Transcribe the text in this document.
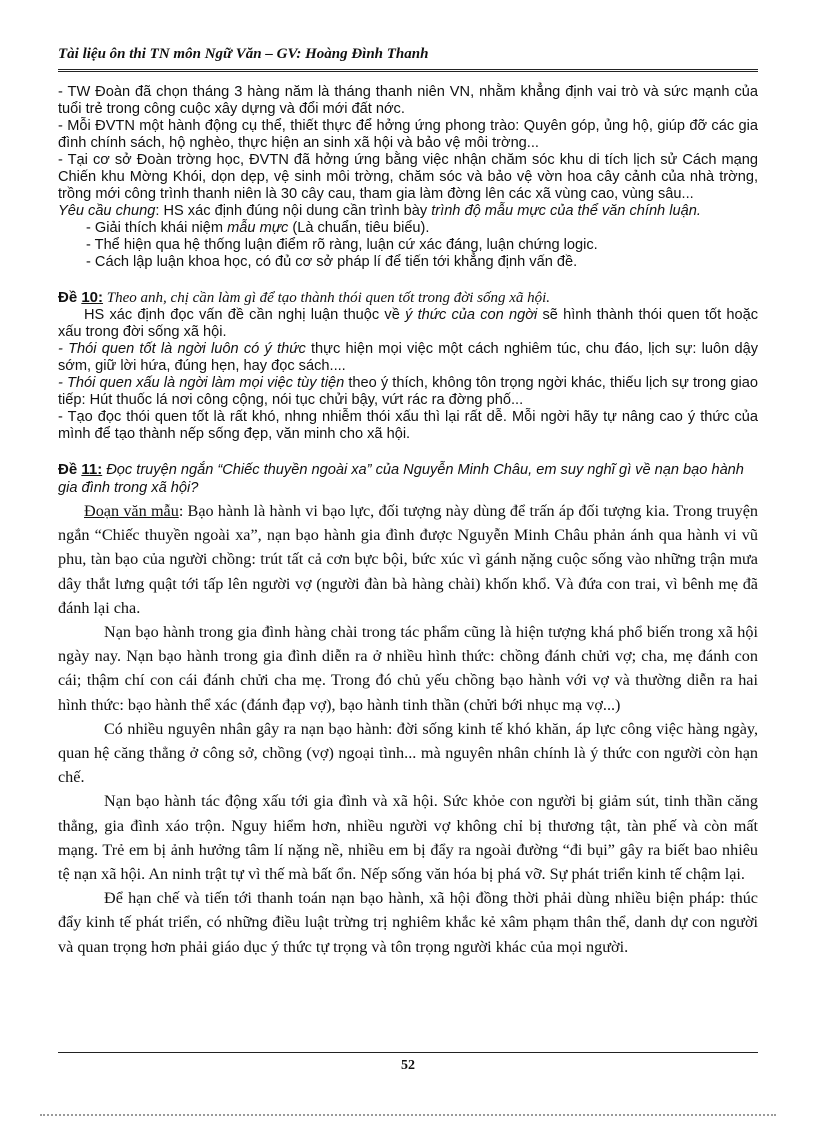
Tài liệu ôn thi TN môn Ngữ Văn – GV: Hoàng Đình Thanh

- TW Đoàn đã chọn tháng 3 hàng năm là tháng thanh niên VN, nhằm khẳng định vai trò và sức mạnh của tuổi trẻ trong công cuộc xây dựng và đổi mới đất nớc.

- Mỗi ĐVTN một hành động cụ thể, thiết thực để hởng ứng phong trào: Quyên góp, ủng hộ, giúp đỡ các gia đình chính sách, hộ nghèo, thực hiện an sinh xã hội và bảo vệ môi trờng...

- Tại cơ sở Đoàn trờng học, ĐVTN đã hởng ứng bằng việc nhận chăm sóc khu di tích lịch sử Cách mạng Chiến khu Mờng Khói, dọn dẹp, vệ sinh môi trờng, chăm sóc và bảo vệ vờn hoa cây cảnh của nhà trờng, trồng mới công trình thanh niên là 30 cây cau, tham gia làm đờng lên các xã vùng cao, vùng sâu...

Yêu cầu chung: HS xác định đúng nội dung cần trình bày trình độ mẫu mực của thể văn chính luận.

- Giải thích khái niệm mẫu mực (Là chuẩn, tiêu biểu).

- Thể hiện qua hệ thống luận điểm rõ ràng, luận cứ xác đáng, luận chứng logic.

- Cách lập luận khoa học, có đủ cơ sở pháp lí để tiến tới khẳng định vấn đề.

Đề 10: Theo anh, chị cần làm gì để tạo thành thói quen tốt trong đời sống xã hội.

HS xác định đọc vấn đề cần nghị luận thuộc về ý thức của con ngời sẽ hình thành thói quen tốt hoặc xấu trong đời sống xã hội.

- Thói quen tốt là ngời luôn có ý thức thực hiện mọi việc một cách nghiêm túc, chu đáo, lịch sự: luôn dậy sớm, giữ lời hứa, đúng hẹn, hay đọc sách....

- Thói quen xấu là ngời làm mọi việc tùy tiện theo ý thích, không tôn trọng ngời khác, thiếu lịch sự trong giao tiếp: Hút thuốc lá nơi công cộng, nói tục chửi bậy, vứt rác ra đờng phố...

- Tạo đọc thói quen tốt là rất khó, nhng nhiễm thói xấu thì lại rất dễ. Mỗi ngời hãy tự nâng cao ý thức của mình để tạo thành nếp sống đẹp, văn minh cho xã hội.

Đề 11: Đọc truyện ngắn “Chiếc thuyền ngoài xa” của Nguyễn Minh Châu, em suy nghĩ gì về nạn bạo hành gia đình trong xã hội?

Đoạn văn mẫu: Bạo hành là hành vi bạo lực, đối tượng này dùng để trấn áp đối tượng kia. Trong truyện ngắn “Chiếc thuyền ngoài xa”, nạn bạo hành gia đình được Nguyễn Minh Châu phản ánh qua hành vi vũ phu, tàn bạo của người chồng: trút tất cả cơn bực bội, bức xúc vì gánh nặng cuộc sống vào những trận mưa dây thắt lưng quật tới tấp lên người vợ (người đàn bà hàng chài) khốn khổ. Và đứa con trai, vì bênh mẹ đã đánh lại cha.

Nạn bạo hành trong gia đình hàng chài trong tác phẩm cũng là hiện tượng khá phổ biến trong xã hội ngày nay. Nạn bạo hành trong gia đình diễn ra ở nhiều hình thức: chồng đánh chửi vợ; cha, mẹ đánh con cái; thậm chí con cái đánh chửi cha mẹ. Trong đó chủ yếu chồng bạo hành với vợ và thường diễn ra hai hình thức: bạo hành thể xác (đánh đạp vợ), bạo hành tinh thần (chửi bới nhục mạ vợ...)

Có nhiều nguyên nhân gây ra nạn bạo hành: đời sống kinh tế khó khăn, áp lực công việc hàng ngày, quan hệ căng thẳng ở công sở, chồng (vợ) ngoại tình... mà nguyên nhân chính là ý thức con người còn hạn chế.

Nạn bạo hành tác động xấu tới gia đình và xã hội. Sức khỏe con người bị giảm sút, tinh thần căng thẳng, gia đình xáo trộn. Nguy hiểm hơn, nhiều người vợ không chỉ bị thương tật, tàn phế và còn mất mạng. Trẻ em bị ảnh hưởng tâm lí nặng nề, nhiều em bị đẩy ra ngoài đường “đi bụi” gây ra biết bao nhiêu tệ nạn xã hội. An ninh trật tự vì thế mà bất ổn. Nếp sống văn hóa bị phá vỡ. Sự phát triển kinh tế chậm lại.

Để hạn chế và tiến tới thanh toán nạn bạo hành, xã hội đồng thời phải dùng nhiều biện pháp: thúc đẩy kinh tế phát triển, có những điều luật trừng trị nghiêm khắc kẻ xâm phạm thân thể, danh dự con người và quan trọng hơn phải giáo dục ý thức tự trọng và tôn trọng người khác của mọi người.

52
